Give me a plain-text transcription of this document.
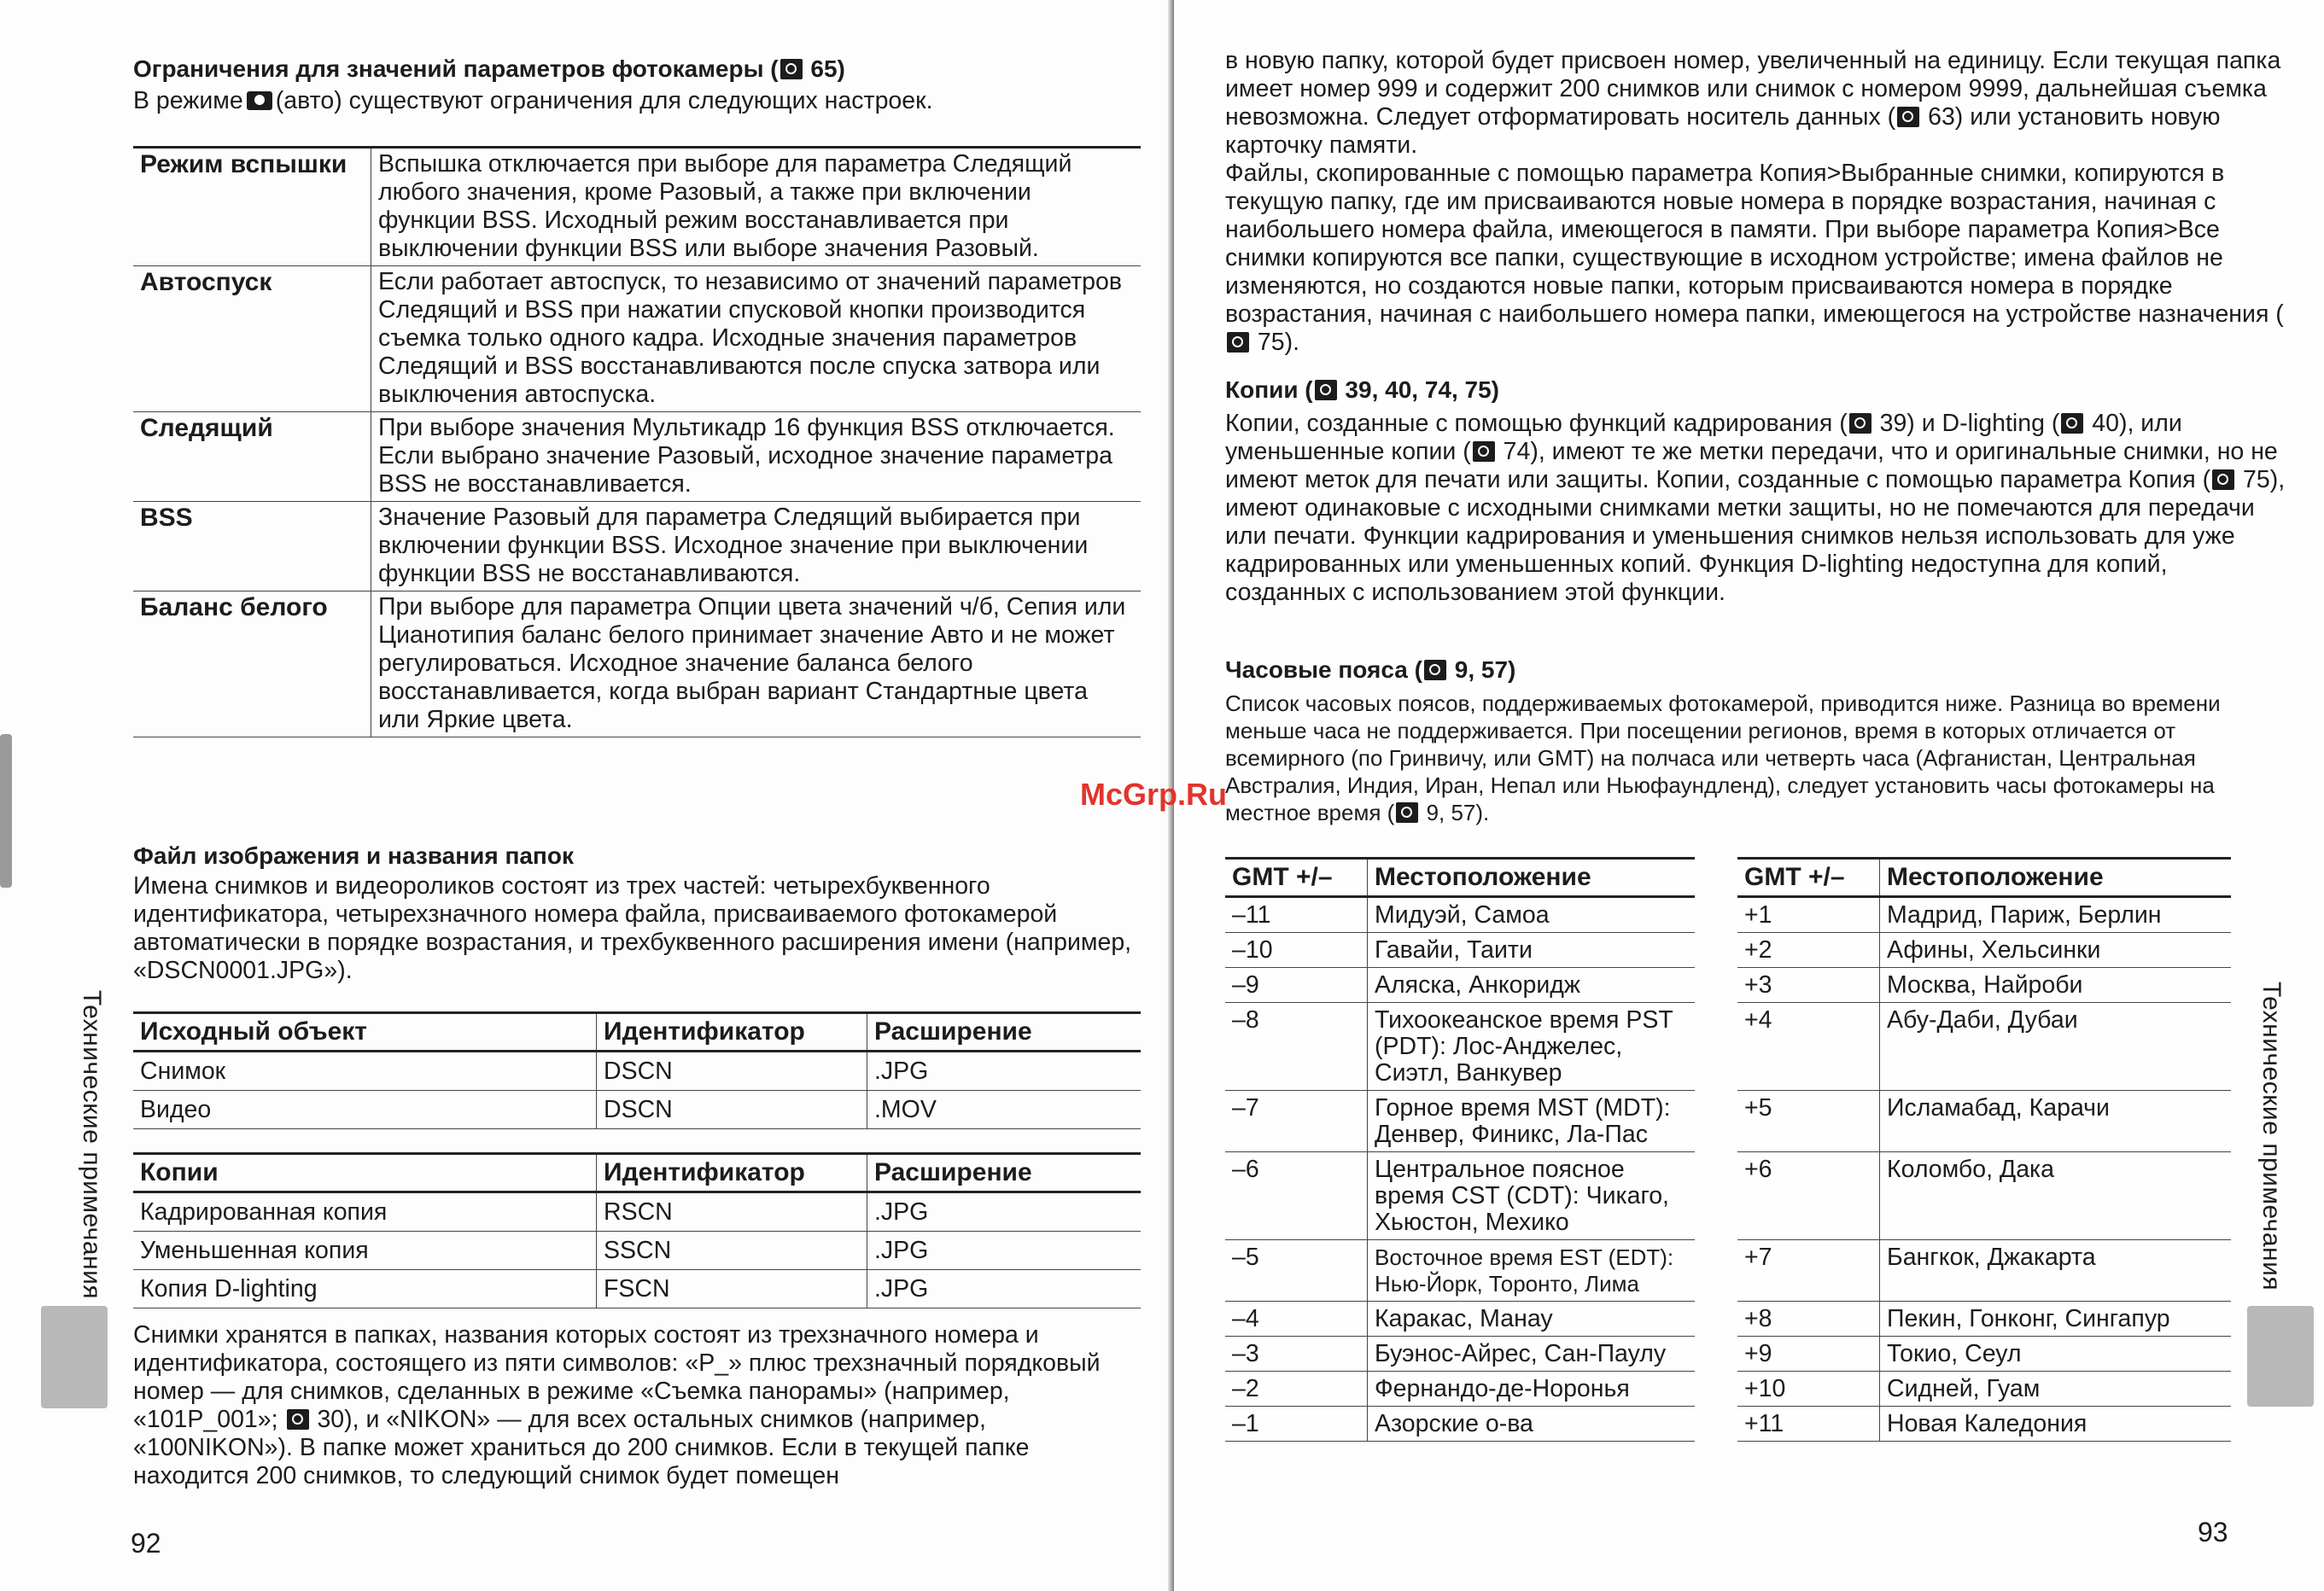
Ограничения для значений параметров фотокамеры ( 65)

В режиме (авто) существуют ограничения для следующих настроек.

Режим вспышки	Вспышка отключается при выборе для параметра Следящий любого значения, кроме Разовый, а также при включении функции BSS. Исходный режим восстанавливается при выключении функции BSS или выборе значения Разовый.
Автоспуск	Если работает автоспуск, то независимо от значений параметров Следящий и BSS при нажатии спусковой кнопки производится съемка только одного кадра. Исходные значения параметров Следящий и BSS восстанавливаются после спуска затвора или выключения автоспуска.
Следящий	При выборе значения Мультикадр 16 функция BSS отключается. Если выбрано значение Разовый, исходное значение параметра BSS не восстанавливается.
BSS	Значение Разовый для параметра Следящий выбирается при включении функции BSS. Исходное значение при выключении функции BSS не восстанавливаются.
Баланс белого	При выборе для параметра Опции цвета значений ч/б, Сепия или Цианотипия баланс белого принимает значение Авто и не может регулироваться. Исходное значение баланса белого восстанавливается, когда выбран вариант Стандартные цвета или Яркие цвета.
Файл изображения и названия папок

Имена снимков и видеороликов состоят из трех частей: четырехбуквенного идентификатора, четырехзначного номера файла, присваиваемого фотокамерой автоматически в порядке возрастания, и трехбуквенного расширения имени (например, «DSCN0001.JPG»).

Исходный объект	Идентификатор	Расширение
Снимок	DSCN	.JPG
Видео	DSCN	.MOV
Копии	Идентификатор	Расширение
Кадрированная копия	RSCN	.JPG
Уменьшенная копия	SSCN	.JPG
Копия D-lighting	FSCN	.JPG

Снимки хранятся в папках, названия которых состоят из трехзначного номера и идентификатора, состоящего из пяти символов: «P_» плюс трехзначный порядковый номер — для снимков, сделанных в режиме «Съемка панорамы» (например, «101P_001»; 30), и «NIKON» — для всех остальных снимков (например, «100NIKON»). В папке может храниться до 200 снимков. Если в текущей папке находится 200 снимков, то следующий снимок будет помещен

Технические примечания
92

в новую папку, которой будет присвоен номер, увеличенный на единицу. Если текущая папка имеет номер 999 и содержит 200 снимков или снимок с номером 9999, дальнейшая съемка невозможна. Следует отформатировать носитель данных ( 63) или установить новую карточку памяти.

Файлы, скопированные с помощью параметра Копия>Выбранные снимки, копируются в текущую папку, где им присваиваются новые номера в порядке возрастания, начиная с наибольшего номера файла, имеющегося в памяти. При выборе параметра Копия>Все снимки копируются все папки, существующие в исходном устройстве; имена файлов не изменяются, но создаются новые папки, которым присваиваются номера в порядке возрастания, начиная с наибольшего номера папки, имеющегося на устройстве назначения ( 75).

Копии ( 39, 40, 74, 75)

Копии, созданные с помощью функций кадрирования ( 39) и D-lighting ( 40), или уменьшенные копии ( 74), имеют те же метки передачи, что и оригинальные снимки, но не имеют меток для печати или защиты. Копии, созданные с помощью параметра Копия ( 75), имеют одинаковые с исходными снимками метки защиты, но не помечаются для передачи или печати. Функции кадрирования и уменьшения снимков нельзя использовать для уже кадрированных или уменьшенных копий. Функция D-lighting недоступна для копий, созданных с использованием этой функции.

Часовые пояса ( 9, 57)

Список часовых поясов, поддерживаемых фотокамерой, приводится ниже. Разница во времени меньше часа не поддерживается. При посещении регионов, время в которых отличается от всемирного (по Гринвичу, или GMT) на полчаса или четверть часа (Афганистан, Центральная Австралия, Индия, Иран, Непал или Ньюфаундленд), следует установить часы фотокамеры на местное время ( 9, 57).

GMT +/–	Местоположение
–11	Мидуэй, Самоа
–10	Гавайи, Таити
–9	Аляска, Анкоридж
–8	Тихоокеанское время PST (PDT): Лос-Анджелес, Сиэтл, Ванкувер
–7	Горное время MST (MDT): Денвер, Финикс, Ла-Пас
–6	Центральное поясное время CST (CDT): Чикаго, Хьюстон, Мехико
–5	Восточное время EST (EDT): Нью-Йорк, Торонто, Лима
–4	Каракас, Манау
–3	Буэнос-Айрес, Сан-Паулу
–2	Фернандо-де-Норонья
–1	Азорские о-ва
GMT +/–	Местоположение
+1	Мадрид, Париж, Берлин
+2	Афины, Хельсинки
+3	Москва, Найроби
+4	Абу-Даби, Дубаи
+5	Исламабад, Карачи
+6	Коломбо, Дака
+7	Бангкок, Джакарта
+8	Пекин, Гонконг, Сингапур
+9	Токио, Сеул
+10	Сидней, Гуам
+11	Новая Каледония
Технические примечания
93
McGrp.Ru
